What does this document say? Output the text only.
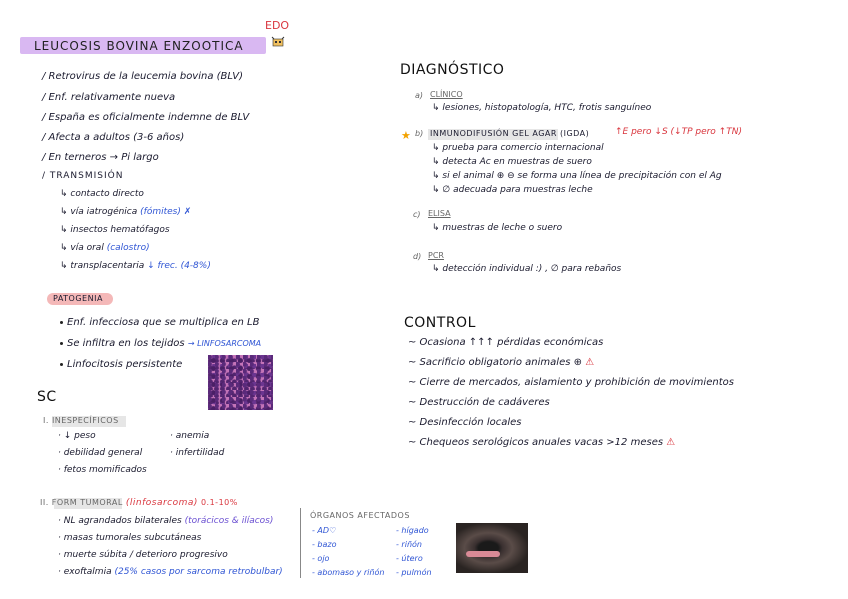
EDO
LEUCOSIS BOVINA ENZOOTICA
/ Retrovirus de la leucemia bovina (BLV)
/ Enf. relativamente nueva
/ España es oficialmente indemne de BLV
/ Afecta a adultos (3-6 años)
/ En terneros → Pi largo
/ TRANSMISIÓN
↳ contacto directo
↳ vía iatrogénica (fómites) ✗
↳ insectos hematófagos
↳ vía oral (calostro)
↳ transplacentaria ↓ frec. (4-8%)
PATOGENIA
Enf. infecciosa que se multiplica en LB
Se infiltra en los tejidos → LINFOSARCOMA
Linfocitosis persistente
SC
I. INESPECÍFICOS
· ↓ peso
· debilidad general
· fetos momificados
· anemia
· infertilidad
II. FORM TUMORAL (linfosarcoma) 0.1-10%
· NL agrandados bilaterales (torácicos & ilíacos)
· masas tumorales subcutáneas
· muerte súbita / deterioro progresivo
· exoftalmia (25% casos por sarcoma retrobulbar)
ÓRGANOS AFECTADOS
- AD♡
- bazo
- ojo
- abomaso y riñón
- hígado
- riñón
- útero
- pulmón
DIAGNÓSTICO
a) CLÍNICO
↳ lesiones, histopatología, HTC, frotis sanguíneo
★ b) INMUNODIFUSIÓN GEL AGAR (IGDA)	↑E pero ↓S (↓TP pero ↑TN)
↳ prueba para comercio internacional
↳ detecta Ac en muestras de suero
↳ si el animal ⊕ ⊖ se forma una línea de precipitación con el Ag
↳ ∅ adecuada para muestras leche
c) ELISA
↳ muestras de leche o suero
d) PCR
↳ detección individual :) , ∅ para rebaños
CONTROL
~ Ocasiona ↑↑↑ pérdidas económicas
~ Sacrificio obligatorio animales ⊕ ⚠
~ Cierre de mercados, aislamiento y prohibición de movimientos
~ Destrucción de cadáveres
~ Desinfección locales
~ Chequeos serológicos anuales vacas >12 meses ⚠
